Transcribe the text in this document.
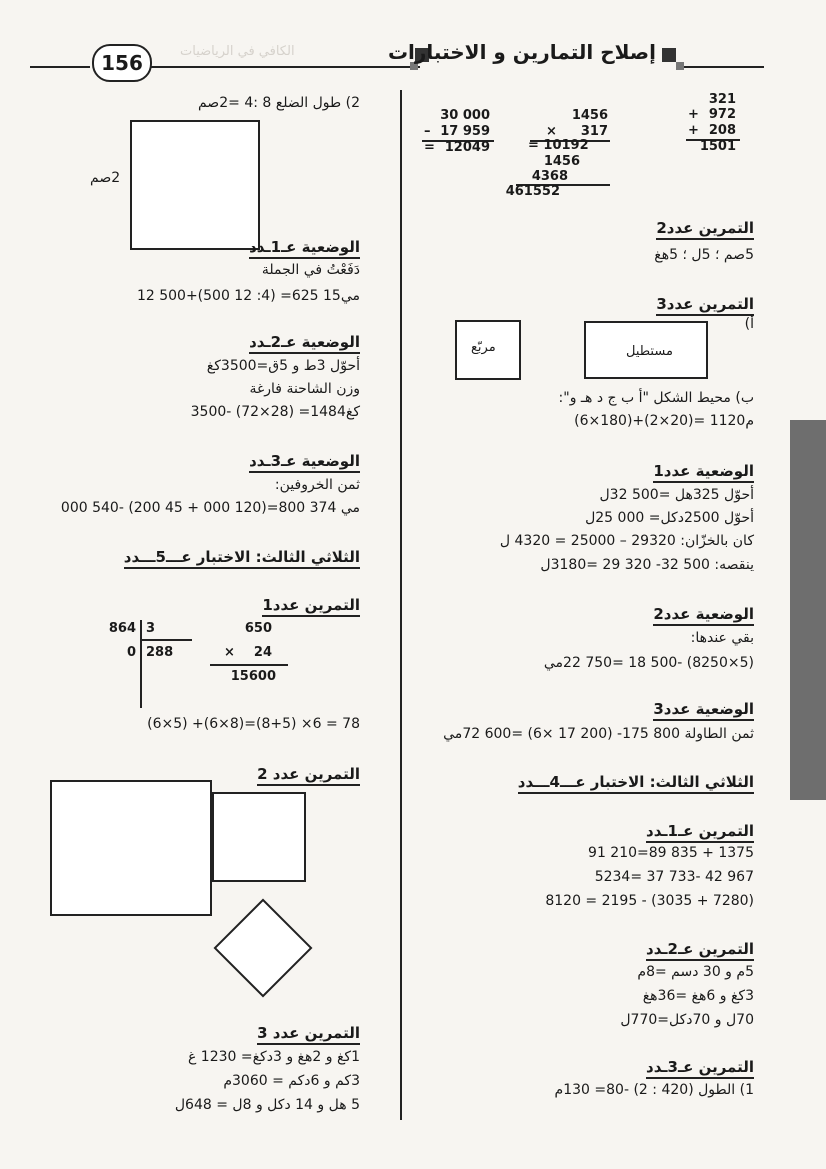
156	الكافي في الرياضيات	إصلاح التمارين و الاختبارات
30 000
– 17 959
= 12049
1456
×	317
= 10192
1456
4368
461552
321
+ 972
+ 208
1501
التمرين عدد2
5صم ؛ 5ل ؛ 5هغ
التمرين عدد3
أ)
مربّع	مستطيل
ب) محيط الشكل "أ ب ج د هـ و":
(6×180)+(2×20)= 1120م
الوضعية عدد1
أحوّل 325هل =500 32ل
أحوّل 2500دكل= 000 25ل
كان بالخزّان: 29320 – 25000 = 4320 ل
ينقصه: 500 32- 320 29 =3180ل
الوضعية عدد2
بقي عندها:
(5×8250) -500 18 =750 22مي
الوضعية عدد3
ثمن الطاولة 800 175- (200 17 ×6) =600 72مي
الثلاثي الثالث: الاختبار عـــ4ـــدد
التمرين عـ1ـدد
91 210=89 835 + 1375
5234= 37 733- 42 967
8120 = 2195 - (3035 + 7280)
التمرين عـ2ـدد
5م و 30 دسم =8م
3كغ و 6هغ =36هغ
70ل و 70دكل=770ل
التمرين عـ3ـدد
1) الطول (420 : 2) -80= 130م
2) طول الضلع 8 :4 =2صم
2صم
الوضعية عـ1ـدد
دَفَعْتُ في الجملة
12 500+(500 12 :4) =625 15مي
الوضعية عـ2ـدد
أحوّل 3ط و 5ق=3500كغ
وزن الشاحنة فارغة
3500- (72×28) =1484كغ
الوضعية عـ3ـدد
ثمن الخروفين:
000 540- (200 45 + 000 120)=800 374 مي
الثلاثي الثالث: الاختبار عـــ5ـــدد
التمرين عدد1
864 3
0 288
650
×	24
15600
(6×5) +(6×8)=(8+5) ×6 = 78
التمرين عدد 2
التمرين عدد 3
1كغ و 2هغ و 3دكغ= 1230 غ
3كم و 6دكم = 3060م
5 هل و 14 دكل و 8ل = 648ل
